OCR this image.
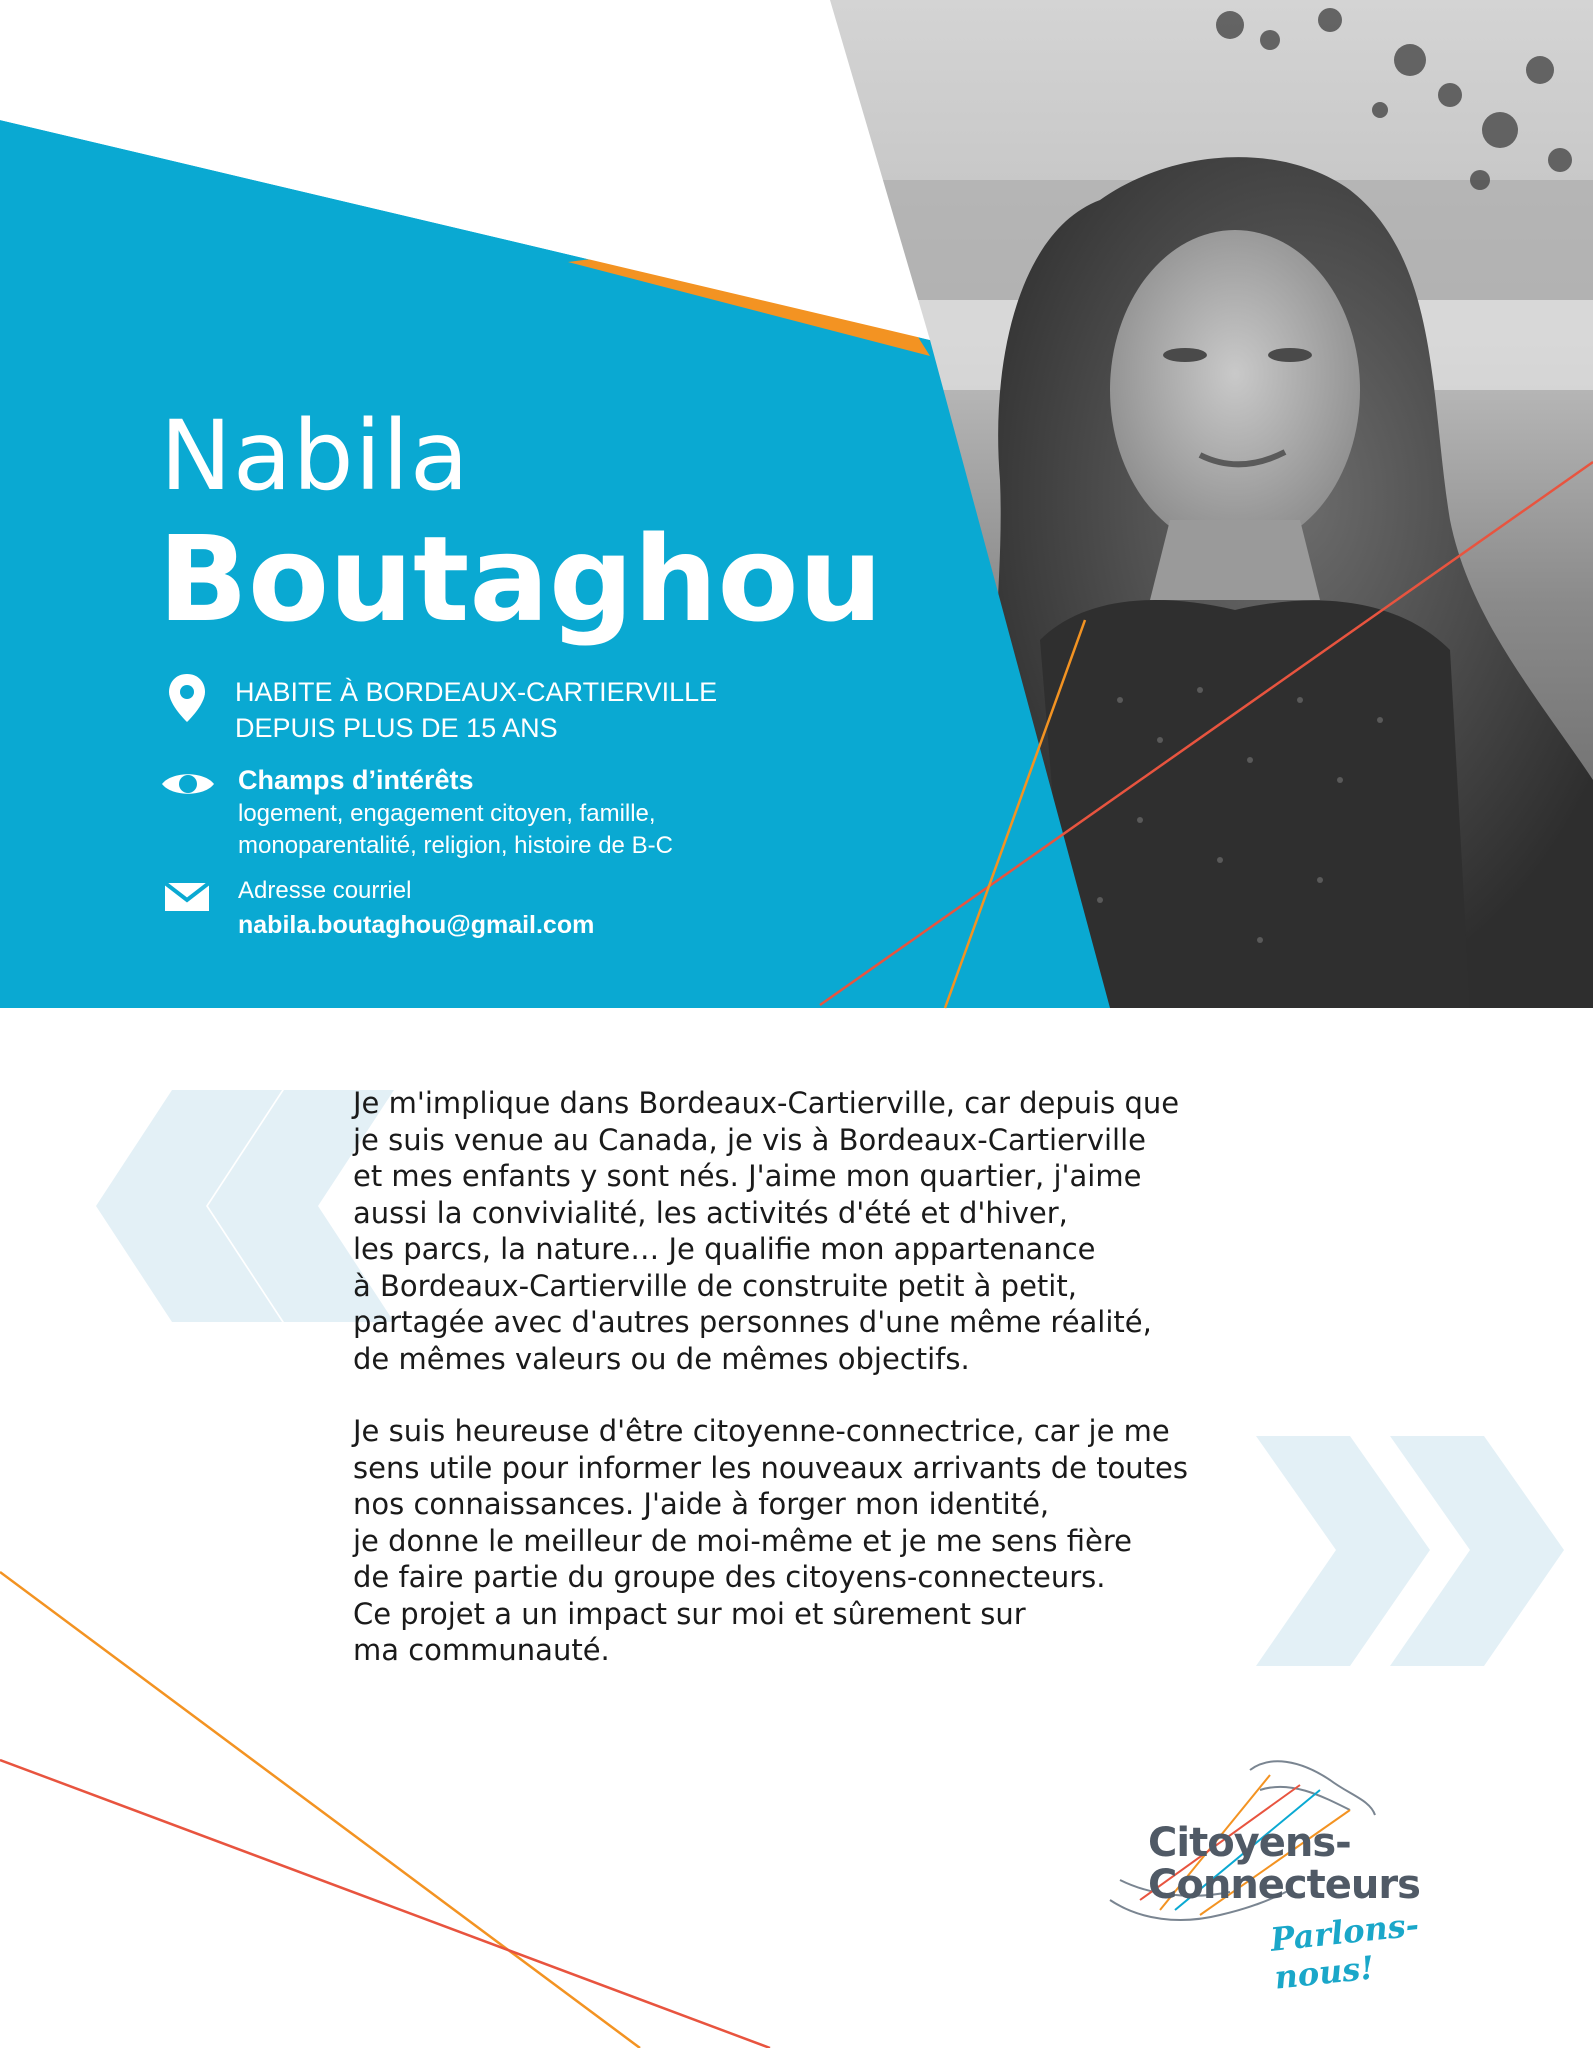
Nabila
Boutaghou
HABITE À BORDEAUX-CARTIERVILLE
DEPUIS PLUS DE 15 ANS
Champs d’intérêts
logement, engagement citoyen, famille,
monoparentalité, religion, histoire de B-C
Adresse courriel
nabila.boutaghou@gmail.com

Je m'implique dans Bordeaux-Cartierville, car depuis que
je suis venue au Canada, je vis à Bordeaux-Cartierville
et mes enfants y sont nés. J'aime mon quartier, j'aime
aussi la convivialité, les activités d'été et d'hiver,
les parcs, la nature… Je qualifie mon appartenance
à Bordeaux-Cartierville de construite petit à petit,
partagée avec d'autres personnes d'une même réalité,
de mêmes valeurs ou de mêmes objectifs.

Je suis heureuse d'être citoyenne-connectrice, car je me
sens utile pour informer les nouveaux arrivants de toutes
nos connaissances. J'aide à forger mon identité,
je donne le meilleur de moi-même et je me sens fière
de faire partie du groupe des citoyens-connecteurs.
Ce projet a un impact sur moi et sûrement sur
ma communauté.

Citoyens-
Connecteurs
Parlons-nous!
